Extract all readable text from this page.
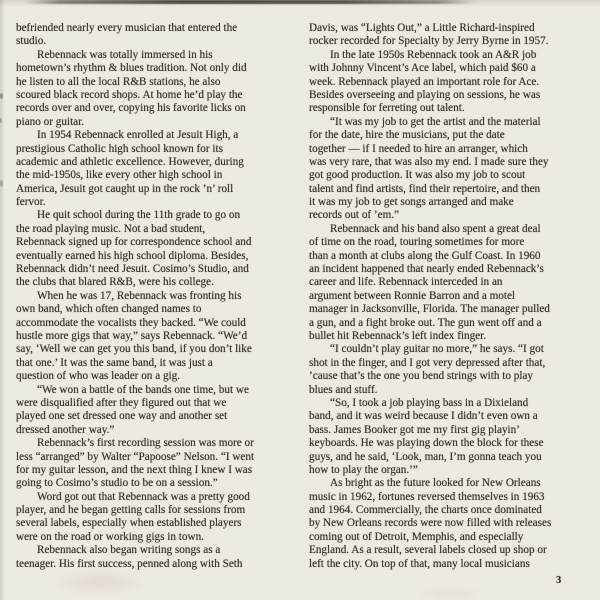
befriended nearly every musician that entered the
studio.
Rebennack was totally immersed in his
hometown’s rhythm & blues tradition. Not only did
he listen to all the local R&B stations, he also
scoured black record shops. At home he’d play the
records over and over, copying his favorite licks on
piano or guitar.
In 1954 Rebennack enrolled at Jesuit High, a
prestigious Catholic high school known for its
academic and athletic excellence. However, during
the mid-1950s, like every other high school in
America, Jesuit got caught up in the rock ’n’ roll
fervor.
He quit school during the 11th grade to go on
the road playing music. Not a bad student,
Rebennack signed up for correspondence school and
eventually earned his high school diploma. Besides,
Rebennack didn’t need Jesuit. Cosimo’s Studio, and
the clubs that blared R&B, were his college.
When he was 17, Rebennack was fronting his
own band, which often changed names to
accommodate the vocalists they backed. “We could
hustle more gigs that way,” says Rebennack. “We’d
say, ‘Well we can get you this band, if you don’t like
that one.’ It was the same band, it was just a
question of who was leader on a gig.
“We won a battle of the bands one time, but we
were disqualified after they figured out that we
played one set dressed one way and another set
dressed another way.”
Rebennack’s first recording session was more or
less “arranged” by Walter “Papoose” Nelson. “I went
for my guitar lesson, and the next thing I knew I was
going to Cosimo’s studio to be on a session.”
Word got out that Rebennack was a pretty good
player, and he began getting calls for sessions from
several labels, especially when established players
were on the road or working gigs in town.
Rebennack also began writing songs as a
teenager. His first success, penned along with Seth
Davis, was “Lights Out,” a Little Richard-inspired
rocker recorded for Specialty by Jerry Byrne in 1957.
In the late 1950s Rebennack took an A&R job
with Johnny Vincent’s Ace label, which paid $60 a
week. Rebennack played an important role for Ace.
Besides overseeing and playing on sessions, he was
responsible for ferreting out talent.
“It was my job to get the artist and the material
for the date, hire the musicians, put the date
together — if I needed to hire an arranger, which
was very rare, that was also my end. I made sure they
got good production. It was also my job to scout
talent and find artists, find their repertoire, and then
it was my job to get songs arranged and make
records out of ’em.”
Rebennack and his band also spent a great deal
of time on the road, touring sometimes for more
than a month at clubs along the Gulf Coast. In 1960
an incident happened that nearly ended Rebennack’s
career and life. Rebennack interceded in an
argument between Ronnie Barron and a motel
manager in Jacksonville, Florida. The manager pulled
a gun, and a fight broke out. The gun went off and a
bullet hit Rebennack’s left index finger.
“I couldn’t play guitar no more,” he says. “I got
shot in the finger, and I got very depressed after that,
’cause that’s the one you bend strings with to play
blues and stuff.
“So, I took a job playing bass in a Dixieland
band, and it was weird because I didn’t even own a
bass. James Booker got me my first gig playin’
keyboards. He was playing down the block for these
guys, and he said, ‘Look, man, I’m gonna teach you
how to play the organ.’”
As bright as the future looked for New Orleans
music in 1962, fortunes reversed themselves in 1963
and 1964. Commercially, the charts once dominated
by New Orleans records were now filled with releases
coming out of Detroit, Memphis, and especially
England. As a result, several labels closed up shop or
left the city. On top of that, many local musicians
3
